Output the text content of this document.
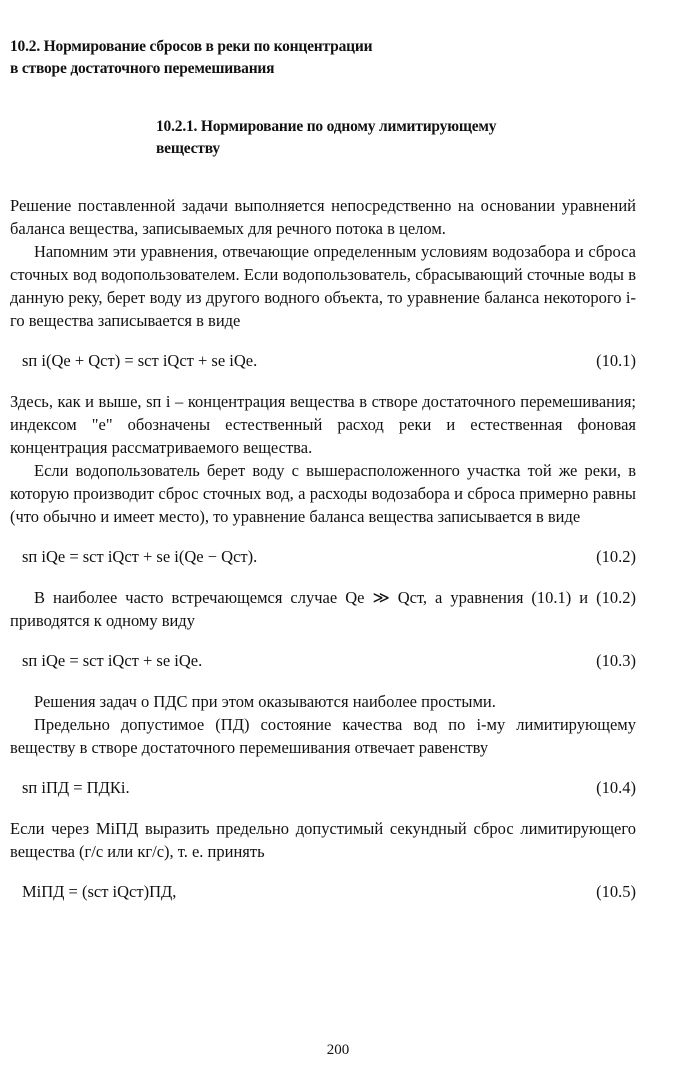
10.2. Нормирование сбросов в реки по концентрации
в створе достаточного перемешивания
10.2.1. Нормирование по одному лимитирующему
веществу

Решение поставленной задачи выполняется непосредственно на основании уравнений баланса вещества, записываемых для речного потока в целом.

Напомним эти уравнения, отвечающие определенным условиям водозабора и сброса сточных вод водопользователем. Если водопользователь, сбрасывающий сточные воды в данную реку, берет воду из другого водного объекта, то уравнение баланса некоторого i-го вещества записывается в виде

sп i(Qе + Qст) = sст iQст + sе iQе.	(10.1)

Здесь, как и выше, sп i – концентрация вещества в створе достаточного перемешивания; индексом "е" обозначены естественный расход реки и естественная фоновая концентрация рассматриваемого вещества.

Если водопользователь берет воду с вышерасположенного участка той же реки, в которую производит сброс сточных вод, а расходы водозабора и сброса примерно равны (что обычно и имеет место), то уравнение баланса вещества записывается в виде

sп iQе = sст iQст + sе i(Qе − Qст).	(10.2)

В наиболее часто встречающемся случае Qе ≫ Qст, а уравнения (10.1) и (10.2) приводятся к одному виду

sп iQе = sст iQст + sе iQе.	(10.3)

Решения задач о ПДС при этом оказываются наиболее простыми.

Предельно допустимое (ПД) состояние качества вод по i-му лимитирующему веществу в створе достаточного перемешивания отвечает равенству

sп iПД = ПДКi.	(10.4)

Если через MiПД выразить предельно допустимый секундный сброс лимитирующего вещества (г/с или кг/с), т. е. принять

MiПД = (sст iQст)ПД,	(10.5)
200
